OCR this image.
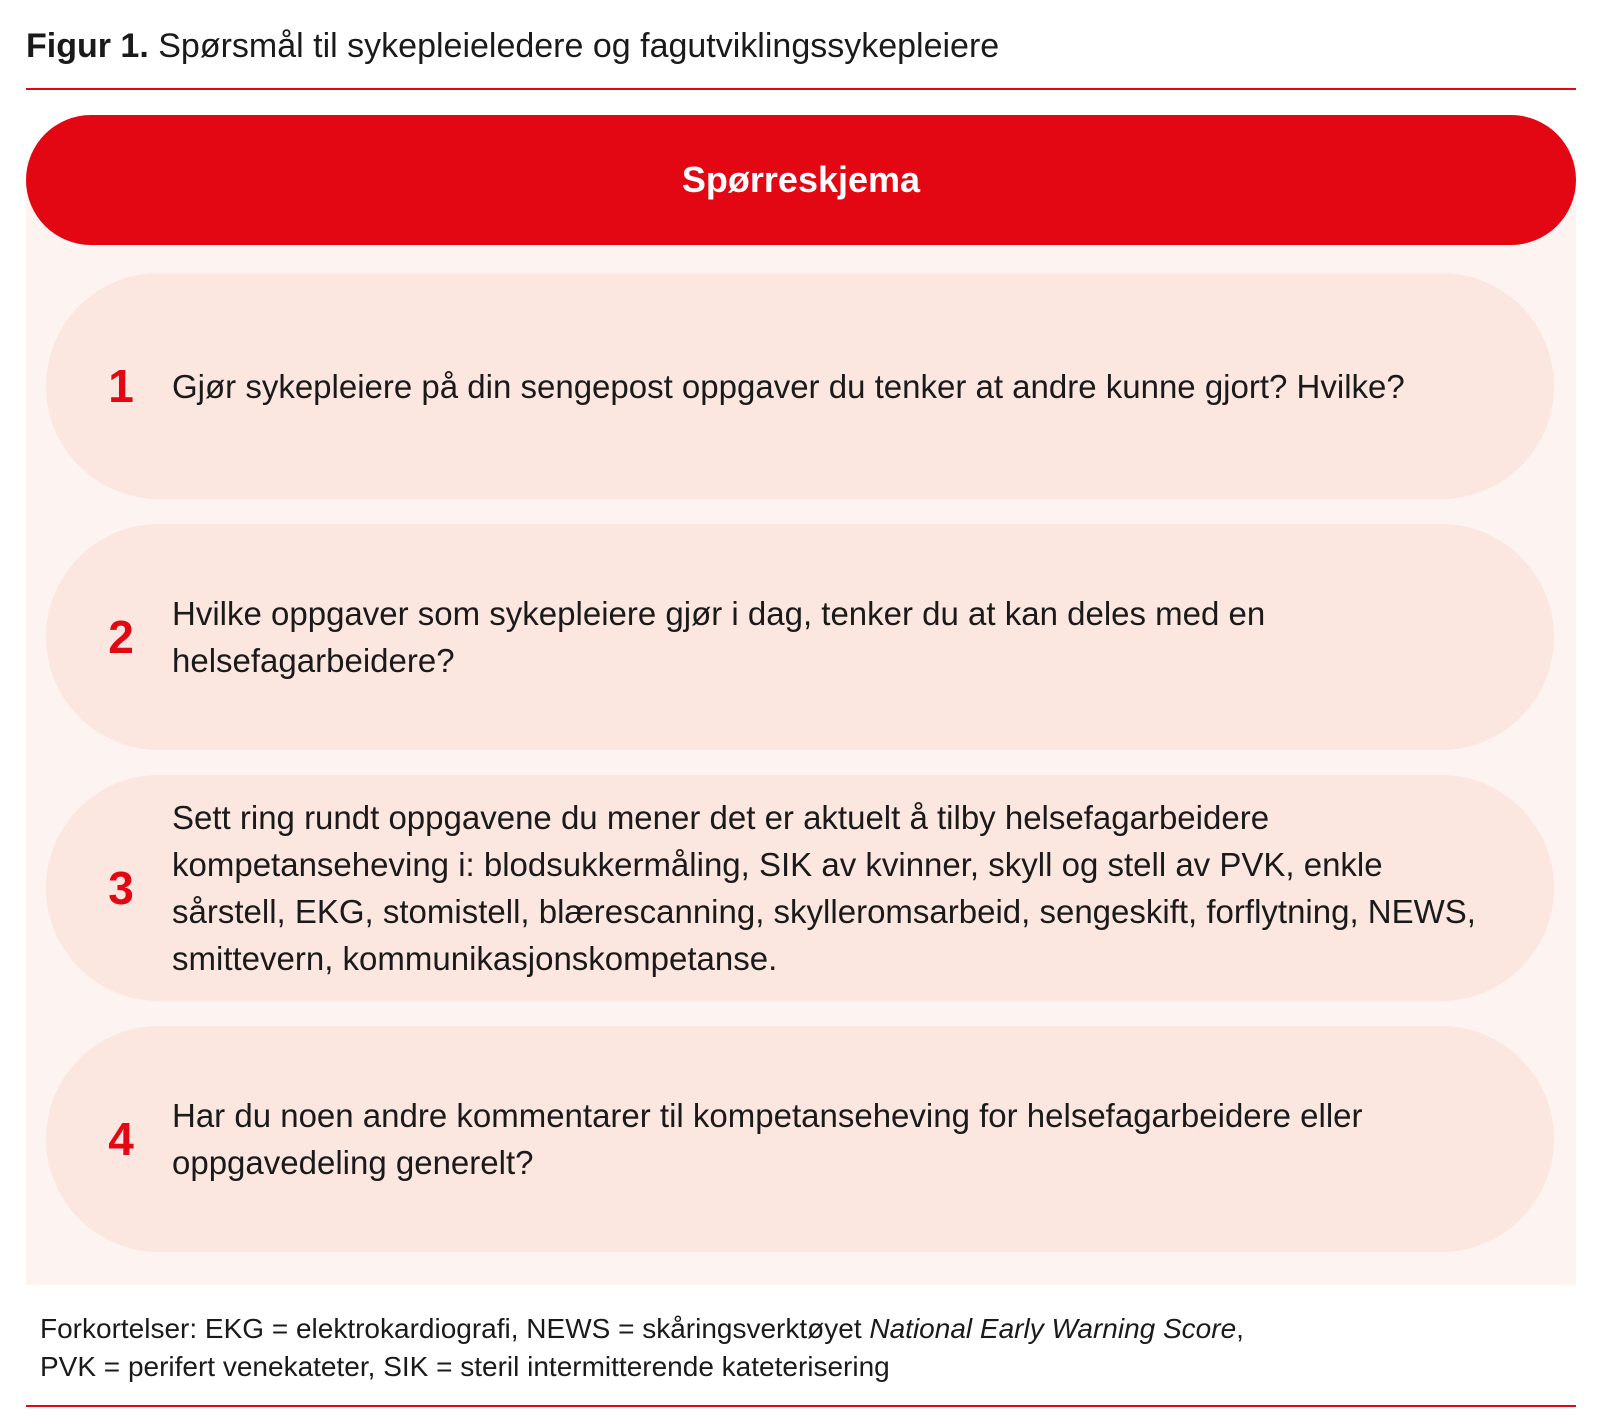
Figur 1. Spørsmål til sykepleieledere og fagutviklingssykepleiere
Spørreskjema
1	Gjør sykepleiere på din sengepost oppgaver du tenker at andre kunne gjort? Hvilke?
2	Hvilke oppgaver som sykepleiere gjør i dag, tenker du at kan deles med en helsefagarbeidere?
3
Sett ring rundt oppgavene du mener det er aktuelt å tilby helsefagarbeidere kompetanseheving i: blodsukkermåling, SIK av kvinner, skyll og stell av PVK, enkle sårstell, EKG, stomistell, blærescanning, skylleromsarbeid, sengeskift, forflytning, NEWS, smittevern, kommunikasjonskompetanse.
4	Har du noen andre kommentarer til kompetanseheving for helsefagarbeidere eller oppgavedeling generelt?
Forkortelser: EKG = elektrokardiografi, NEWS = skåringsverktøyet National Early Warning Score,
PVK = perifert venekateter, SIK = steril intermitterende kateterisering
